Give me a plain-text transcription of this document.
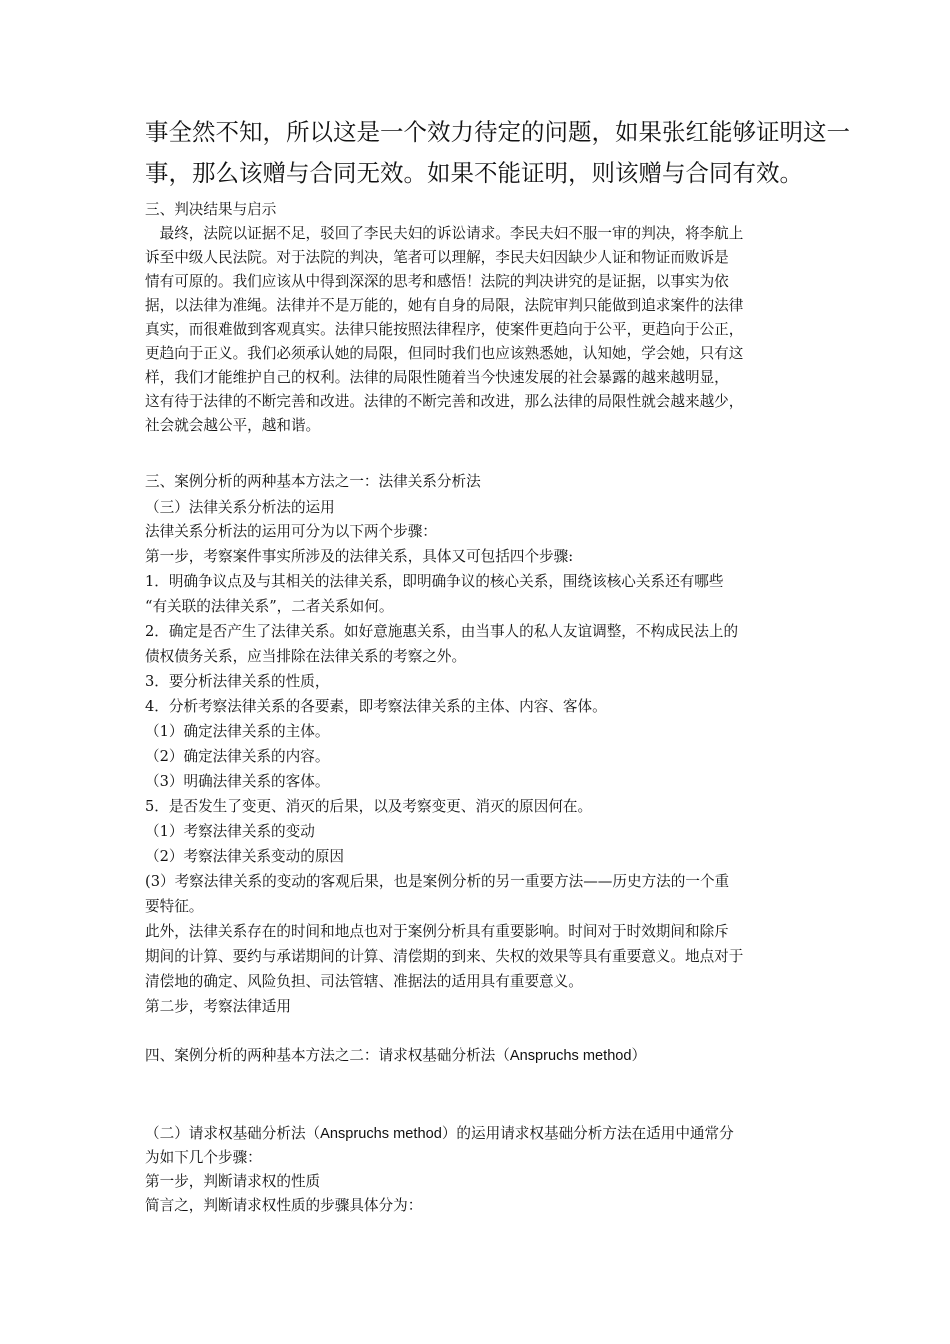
事全然不知，所以这是一个效力待定的问题，如果张红能够证明这一
事，那么该赠与合同无效。如果不能证明，则该赠与合同有效。
三、判决结果与启示
　最终，法院以证据不足，驳回了李民夫妇的诉讼请求。李民夫妇不服一审的判决，将李航上
诉至中级人民法院。对于法院的判决，笔者可以理解，李民夫妇因缺少人证和物证而败诉是
情有可原的。我们应该从中得到深深的思考和感悟！法院的判决讲究的是证据，以事实为依
据，以法律为准绳。法律并不是万能的，她有自身的局限，法院审判只能做到追求案件的法律
真实，而很难做到客观真实。法律只能按照法律程序，使案件更趋向于公平，更趋向于公正，
更趋向于正义。我们必须承认她的局限，但同时我们也应该熟悉她，认知她，学会她，只有这
样，我们才能维护自己的权利。法律的局限性随着当今快速发展的社会暴露的越来越明显，
这有待于法律的不断完善和改进。法律的不断完善和改进，那么法律的局限性就会越来越少，
社会就会越公平，越和谐。
三、案例分析的两种基本方法之一：法律关系分析法
（三）法律关系分析法的运用
法律关系分析法的运用可分为以下两个步骤：
第一步，考察案件事实所涉及的法律关系，具体又可包括四个步骤:
1．明确争议点及与其相关的法律关系，即明确争议的核心关系，围绕该核心关系还有哪些
“有关联的法律关系”，二者关系如何。
2．确定是否产生了法律关系。如好意施惠关系，由当事人的私人友谊调整，不构成民法上的
债权债务关系，应当排除在法律关系的考察之外。
3．要分析法律关系的性质，
4．分析考察法律关系的各要素，即考察法律关系的主体、内容、客体。
（1）确定法律关系的主体。
（2）确定法律关系的内容。
（3）明确法律关系的客体。
5．是否发生了变更、消灭的后果，以及考察变更、消灭的原因何在。
（1）考察法律关系的变动
（2）考察法律关系变动的原因
(3）考察法律关系的变动的客观后果，也是案例分析的另一重要方法——历史方法的一个重
要特征。
此外，法律关系存在的时间和地点也对于案例分析具有重要影响。时间对于时效期间和除斥
期间的计算、要约与承诺期间的计算、清偿期的到来、失权的效果等具有重要意义。地点对于
清偿地的确定、风险负担、司法管辖、准据法的适用具有重要意义。
第二步，考察法律适用
四、案例分析的两种基本方法之二：请求权基础分析法（Anspruchs method）
（二）请求权基础分析法（Anspruchs method）的运用请求权基础分析方法在适用中通常分
为如下几个步骤：
第一步，判断请求权的性质
简言之，判断请求权性质的步骤具体分为：
